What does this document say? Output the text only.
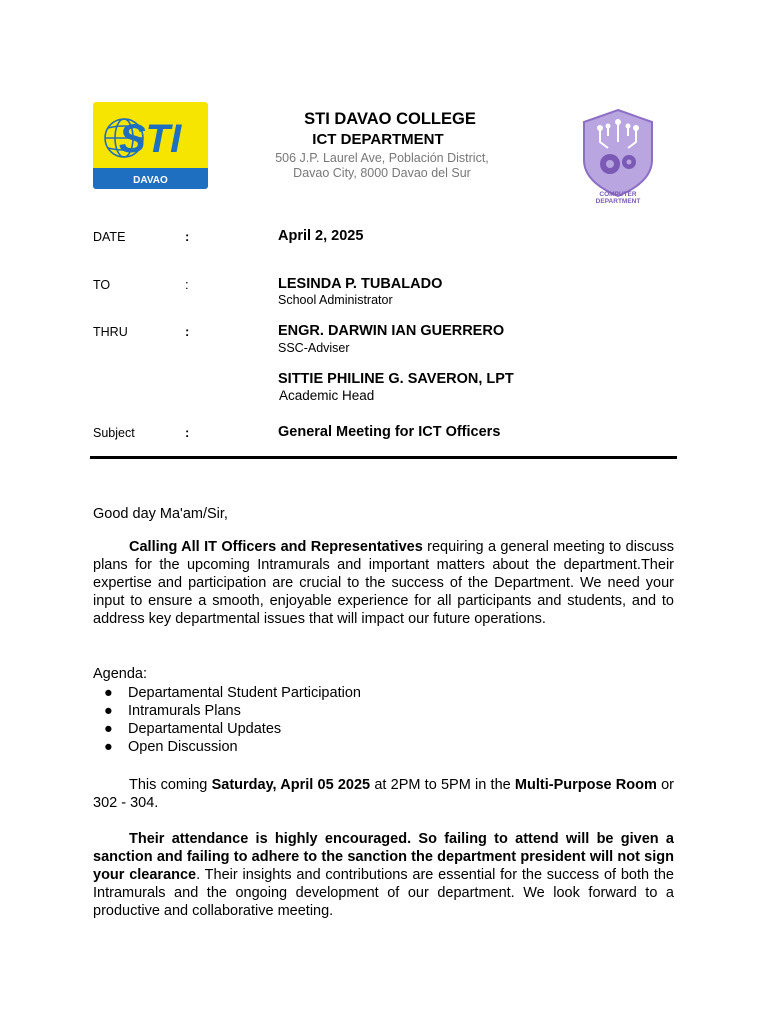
STI
DAVAO
STI DAVAO COLLEGE
ICT DEPARTMENT
506 J.P. Laurel Ave, Población District,
Davao City, 8000 Davao del Sur
COMPUTER
DEPARTMENT
DATE	:	April 2, 2025
TO	:	LESINDA P. TUBALADO
School Administrator
THRU	:	ENGR. DARWIN IAN GUERRERO
SSC-Adviser
SITTIE PHILINE G. SAVERON, LPT
Academic Head
Subject	:	General Meeting for ICT Officers
Good day Ma'am/Sir,
Calling All IT Officers and Representatives requiring a general meeting to discuss plans for the upcoming Intramurals and important matters about the department.Their expertise and participation are crucial to the success of the Department. We need your input to ensure a smooth, enjoyable experience for all participants and students, and to address key departmental issues that will impact our future operations.
Agenda:
● Departamental Student Participation
● Intramurals Plans
● Departamental Updates
● Open Discussion
This coming Saturday, April 05 2025 at 2PM to 5PM in the Multi-Purpose Room or 302 - 304.
Their attendance is highly encouraged. So failing to attend will be given a sanction and failing to adhere to the sanction the department president will not sign your clearance. Their insights and contributions are essential for the success of both the Intramurals and the ongoing development of our department. We look forward to a productive and collaborative meeting.
